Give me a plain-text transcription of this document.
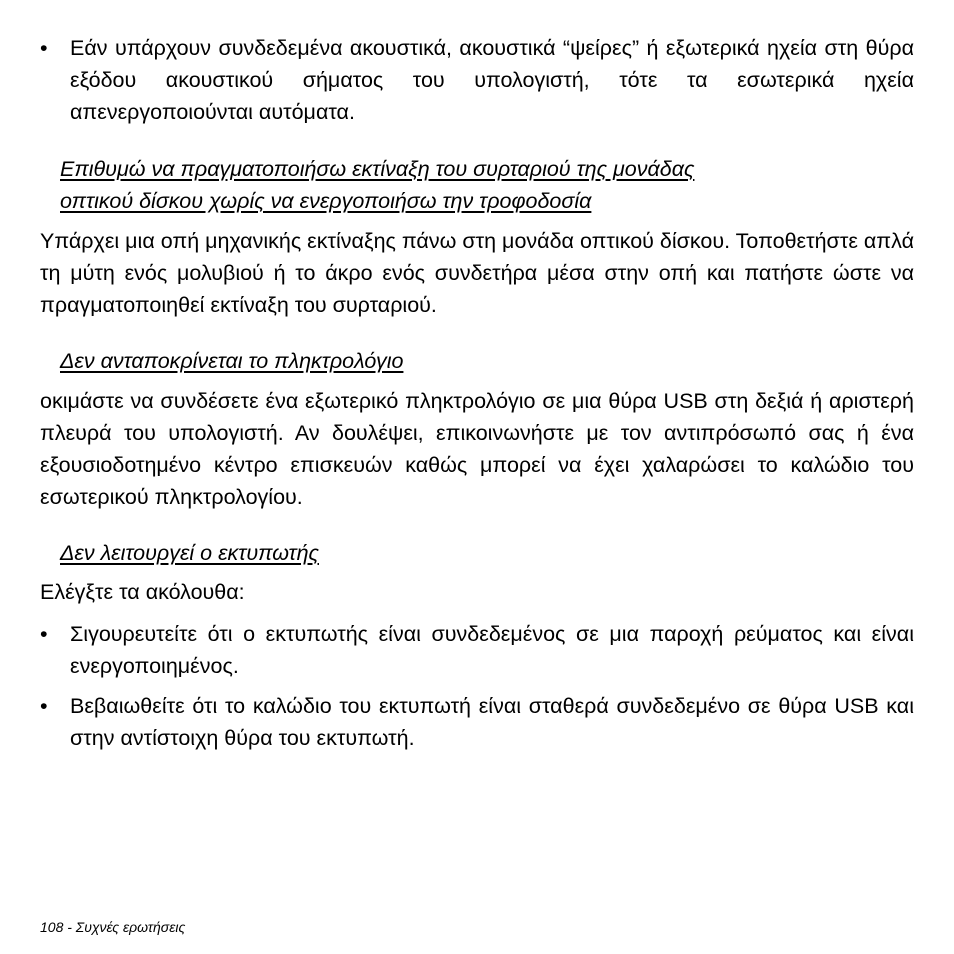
•	Εάν υπάρχουν συνδεδεμένα ακουστικά, ακουστικά “ψείρες” ή εξωτερικά ηχεία στη θύρα εξόδου ακουστικού σήματος του υπολογιστή, τότε τα εσωτερικά ηχεία απενεργοποιούνται αυτόματα.
Επιθυμώ να πραγματοποιήσω εκτίναξη του συρταριού της μονάδας
οπτικού δίσκου χωρίς να ενεργοποιήσω την τροφοδοσία
Υπάρχει μια οπή μηχανικής εκτίναξης πάνω στη μονάδα οπτικού δίσκου. Τοποθετήστε απλά τη μύτη ενός μολυβιού ή το άκρο ενός συνδετήρα μέσα στην οπή και πατήστε ώστε να πραγματοποιηθεί εκτίναξη του συρταριού.
Δεν ανταποκρίνεται το πληκτρολόγιο
οκιμάστε να συνδέσετε ένα εξωτερικό πληκτρολόγιο σε μια θύρα USB στη δεξιά ή αριστερή πλευρά του υπολογιστή. Αν δουλέψει, επικοινωνήστε με τον αντιπρόσωπό σας ή ένα εξουσιοδοτημένο κέντρο επισκευών καθώς μπορεί να έχει χαλαρώσει το καλώδιο του εσωτερικού πληκτρολογίου.
Δεν λειτουργεί ο εκτυπωτής
Ελέγξτε τα ακόλουθα:
•	Σιγουρευτείτε ότι ο εκτυπωτής είναι συνδεδεμένος σε μια παροχή ρεύματος και είναι ενεργοποιημένος.
•	Βεβαιωθείτε ότι το καλώδιο του εκτυπωτή είναι σταθερά συνδεδεμένο σε θύρα USB και στην αντίστοιχη θύρα του εκτυπωτή.
108 - Συχνές ερωτήσεις
